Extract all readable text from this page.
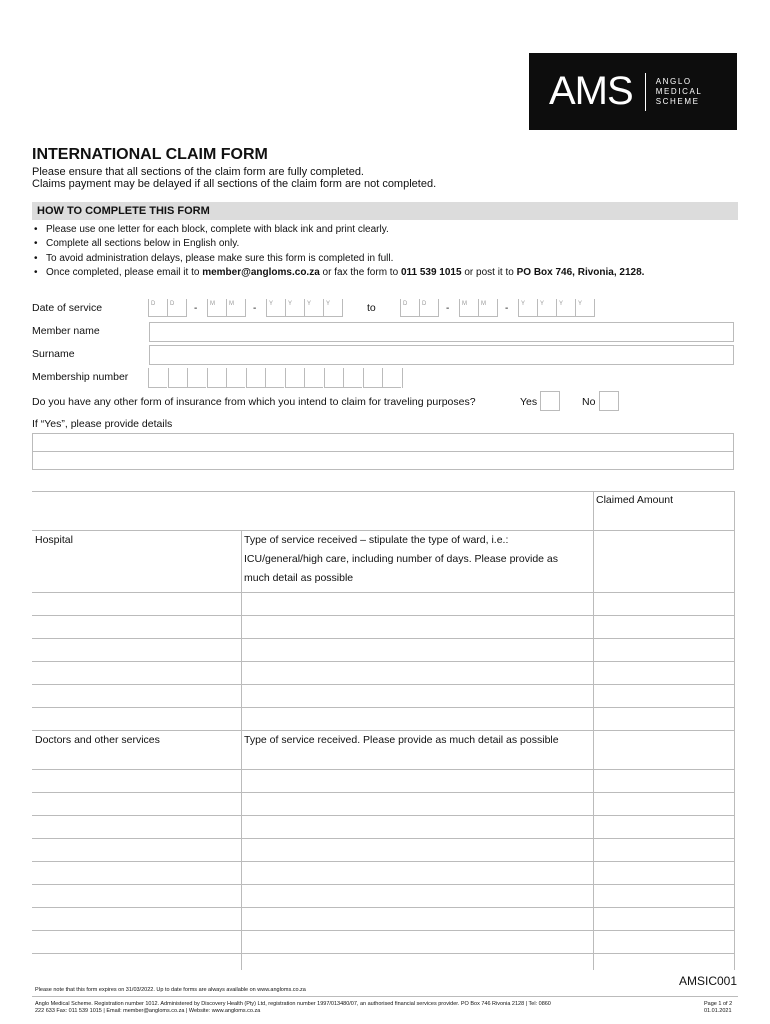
AMS	ANGLO
MEDICAL
SCHEME
INTERNATIONAL CLAIM FORM
Please ensure that all sections of the claim form are fully completed.
Claims payment may be delayed if all sections of the claim form are not completed.
HOW TO COMPLETE THIS FORM
• Please use one letter for each block, complete with black ink and print clearly.
• Complete all sections below in English only.
• To avoid administration delays, please make sure this form is completed in full.
• Once completed, please email it to member@angloms.co.za or fax the form to 011 539 1015 or post it to PO Box 746, Rivonia, 2128.
Date of service	D	D	-	M	M	-	Y	Y	Y	Y	to	D	D	-	M	M	-	Y	Y	Y	Y
Member name
Surname
Membership number
Do you have any other form of insurance from which you intend to claim for traveling purposes?	Yes	No
If “Yes”, please provide details
Claimed Amount
Hospital	Type of service received – stipulate the type of ward, i.e.:
ICU/general/high care, including number of days. Please provide as
much detail as possible
Doctors and other services	Type of service received. Please provide as much detail as possible
AMSIC001
Please note that this form expires on 31/03/2022. Up to date forms are always available on www.angloms.co.za
Anglo Medical Scheme. Registration number 1012. Administered by Discovery Health (Pty) Ltd, registration number 1997/013480/07, an authorised financial services provider. PO Box 746 Rivonia 2128 | Tel: 0860
222 633 Fax: 011 539 1015 | Email: member@angloms.co.za | Website: www.angloms.co.za
Page 1 of 2
01.01.2021
